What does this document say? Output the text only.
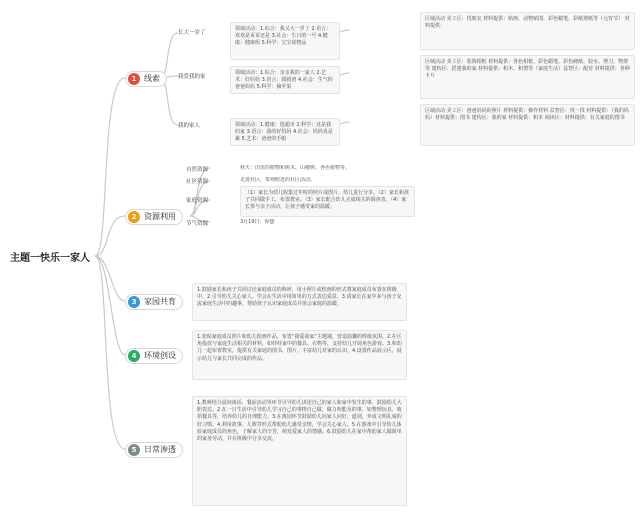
主题一快乐一家人
1 线索
长大一岁了
我爱我的家
我的家人
领域活动：1.综合：我又大一岁了 2.语言：欢欢是哥哥还是 3.社会：生日的一号 4.健康：健康组 5.科学：宝宝说物品
领域活动：1.综合：亲亲我的一家人 2.艺术：好妈妈 3.语言：圆圆爸 4.社会：生气的爸爸妈妈 5.科学：摘苹果
领域活动：1.健康：逛超市 2.科学：这是我的家 3.语言：我的好妈妈 4.社会：妈妈真是累 5.艺术：爸爸的手帕
区域活动 美工区：找朋友 材料提供：贴画、动物贴图、彩色蜡笔、彩纸剪纸等（元宵节） 材料提供：
区域活动 美工区：装饰相框 材料提供：各色相框、彩色蜡笔、彩色硬纸、胶水、剪刀、物架等 建构区：搭建我的家 材料提供：积木、积塑等（家庭生活）益智区：配对 材料提供：各种卡片
区域活动 美工区：爸爸妈妈的照片 材料提供：操作材料 益智区：找一找 材料提供：（我的妈妈）材料提供：图书 建构区：我的家 材料提供：积木 阅读区：材料提供：有关家庭的图书
2 资源利用
自然资源
社区资源
家庭资源
节气资源
秋天：田里的植物和树木、山楂树、各色植物等。
走进社区，参观附近的社区活动。
（1）家长为幼儿收集过年时的照片或图片，幼儿进行分享。（2）家长和孩子共同做手工，布置教室。（3）家长配合幼儿完成相关的调查表。（4）家长参与亲子活动，让孩子感受家的温暖。
3月19日：惊蛰
3 家园共育
1.鼓励家长和孩子共同讨论家庭成员的称呼，用小照片或绘画的形式将家庭成员布置在班级中。2.引导幼儿关心家人，学会在生活中用简单的方式表达爱意。3.请家长在家中多与孩子交流家庭生活中的趣事，帮助孩子认识家庭成员并体会家庭的温暖。
4 环境创设
1.张贴家庭成员照片和幼儿绘画作品，布置“我爱我家”主题墙，营造温馨的班级氛围。2.在区角投放与家庭生活相关的材料，如娃娃家中的餐具、衣物等，支持幼儿开展角色游戏。3.和幼儿一起布置教室，提供有关家庭的图书、图片，丰富幼儿对家的认识。4.设置作品展示区，展示幼儿与家长共同完成的作品。
5 日常渗透
1.教师结合晨间谈话、餐前活动等环节引导幼儿讲述自己的家人和家中发生的事，鼓励幼儿大胆表达。2.在一日生活中引导幼儿学习自己的事情自己做，做力所能及的事，如整理玩具、收拾餐具等，培养幼儿的自理能力。3.在离园环节鼓励幼儿向家人问好、道别，养成文明礼貌的好习惯。4.利用故事、儿歌等形式帮助幼儿感受亲情，学会关心家人。5.在游戏中引导幼儿体验家庭成员的角色，了解家人的辛苦，萌发爱家人的情感。6.鼓励幼儿在家中帮助家人做简单的家务劳动，并在班级中分享交流。
